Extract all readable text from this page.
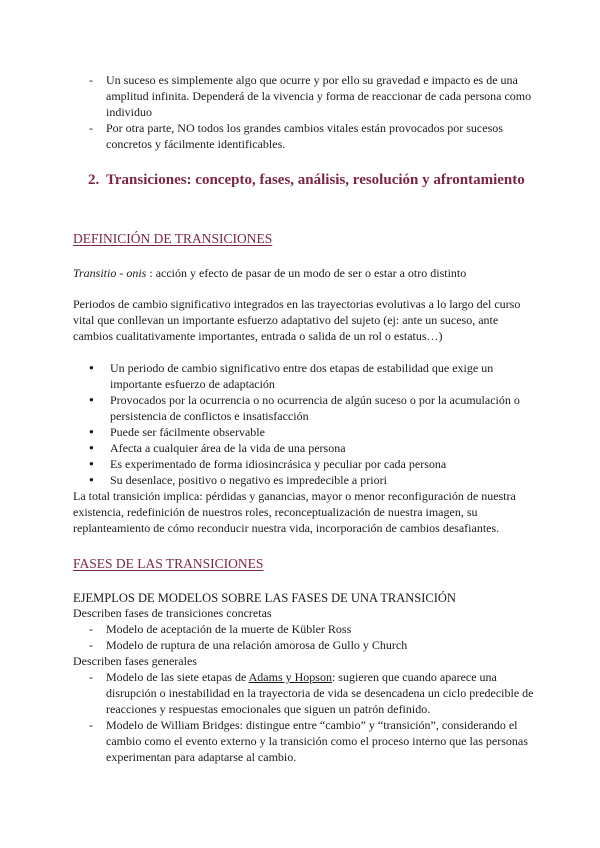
- Un suceso es simplemente algo que ocurre y por ello su gravedad e impacto es de una amplitud infinita. Dependerá de la vivencia y forma de reaccionar de cada persona como individuo
- Por otra parte, NO todos los grandes cambios vitales están provocados por sucesos concretos y fácilmente identificables.
2. Transiciones: concepto, fases, análisis, resolución y afrontamiento
DEFINICIÓN DE TRANSICIONES

Transitio - onis : acción y efecto de pasar de un modo de ser o estar a otro distinto

Periodos de cambio significativo integrados en las trayectorias evolutivas a lo largo del curso vital que conllevan un importante esfuerzo adaptativo del sujeto (ej: ante un suceso, ante cambios cualitativamente importantes, entrada o salida de un rol o estatus…)

● Un periodo de cambio significativo entre dos etapas de estabilidad que exige un importante esfuerzo de adaptación
● Provocados por la ocurrencia o no ocurrencia de algún suceso o por la acumulación o persistencia de conflictos e insatisfacción
● Puede ser fácilmente observable
● Afecta a cualquier área de la vida de una persona
● Es experimentado de forma idiosincrásica y peculiar por cada persona
● Su desenlace, positivo o negativo es impredecible a priori

La total transición implica: pérdidas y ganancias, mayor o menor reconfiguración de nuestra existencia, redefinición de nuestros roles, reconceptualización de nuestra imagen, su replanteamiento de cómo reconducir nuestra vida, incorporación de cambios desafiantes.

FASES DE LAS TRANSICIONES
EJEMPLOS DE MODELOS SOBRE LAS FASES DE UNA TRANSICIÓN
Describen fases de transiciones concretas
- Modelo de aceptación de la muerte de Kübler Ross
- Modelo de ruptura de una relación amorosa de Gullo y Church
Describen fases generales
- Modelo de las siete etapas de Adams y Hopson: sugieren que cuando aparece una disrupción o inestabilidad en la trayectoria de vida se desencadena un ciclo predecible de reacciones y respuestas emocionales que siguen un patrón definido.
- Modelo de William Bridges: distingue entre “cambio” y “transición”, considerando el cambio como el evento externo y la transición como el proceso interno que las personas experimentan para adaptarse al cambio.
